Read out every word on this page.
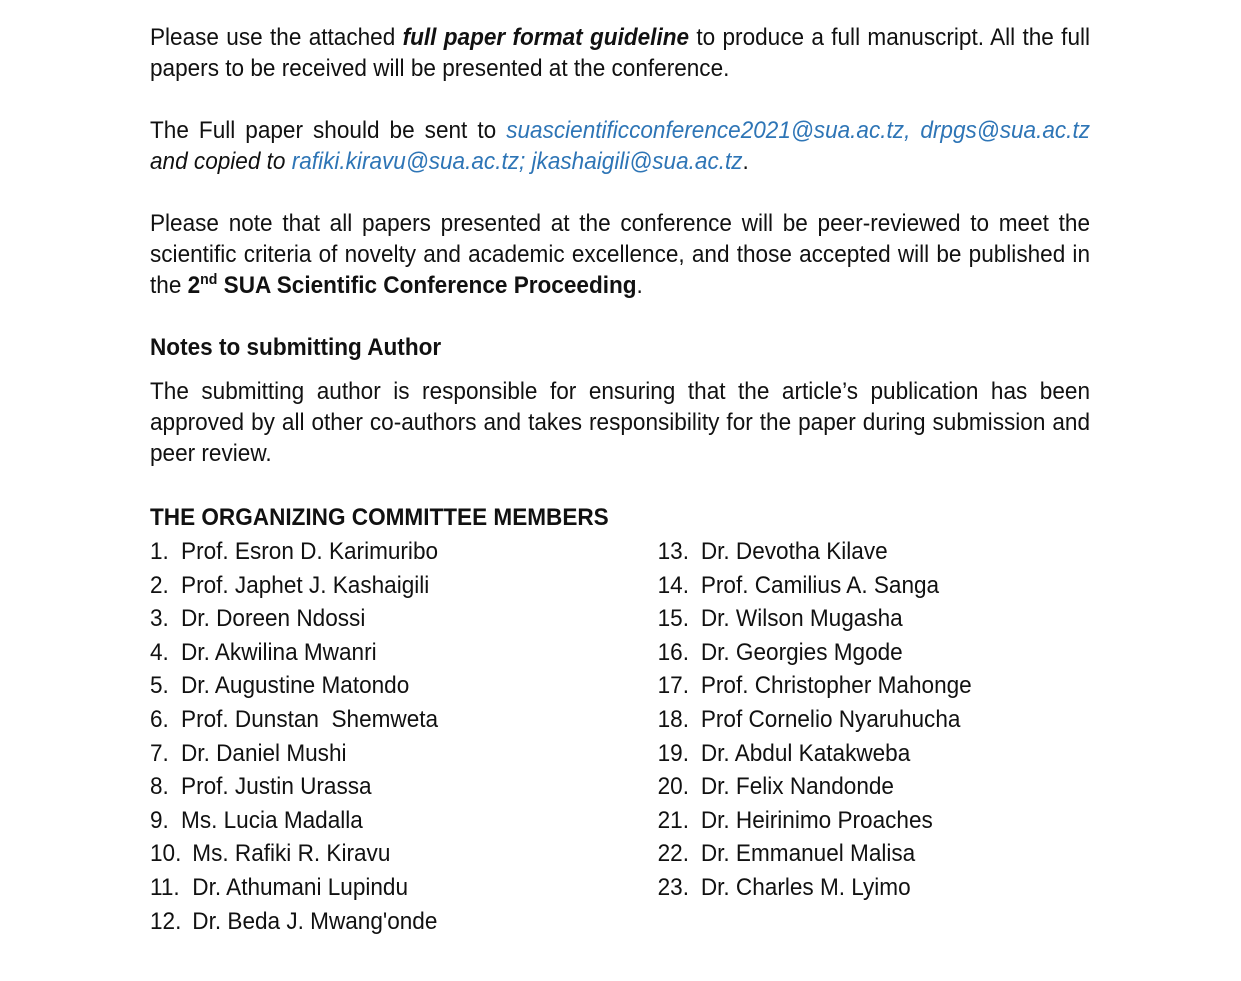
Please use the attached full paper format guideline to produce a full manuscript. All the full papers to be received will be presented at the conference.

The Full paper should be sent to suascientificconference2021@sua.ac.tz, drpgs@sua.ac.tz and copied to rafiki.kiravu@sua.ac.tz; jkashaigili@sua.ac.tz.

Please note that all papers presented at the conference will be peer-reviewed to meet the scientific criteria of novelty and academic excellence, and those accepted will be published in the 2nd SUA Scientific Conference Proceeding.

Notes to submitting Author

The submitting author is responsible for ensuring that the article’s publication has been approved by all other co-authors and takes responsibility for the paper during submission and peer review.

THE ORGANIZING COMMITTEE MEMBERS

1. Prof. Esron D. Karimuribo
2. Prof. Japhet J. Kashaigili
3. Dr. Doreen Ndossi
4. Dr. Akwilina Mwanri
5. Dr. Augustine Matondo
6. Prof. Dunstan  Shemweta
7. Dr. Daniel Mushi
8. Prof. Justin Urassa
9. Ms. Lucia Madalla
10. Ms. Rafiki R. Kiravu
11. Dr. Athumani Lupindu
12. Dr. Beda J. Mwang'onde
13. Dr. Devotha Kilave
14. Prof. Camilius A. Sanga
15. Dr. Wilson Mugasha
16. Dr. Georgies Mgode
17. Prof. Christopher Mahonge
18. Prof Cornelio Nyaruhucha
19. Dr. Abdul Katakweba
20. Dr. Felix Nandonde
21. Dr. Heirinimo Proaches
22. Dr. Emmanuel Malisa
23. Dr. Charles M. Lyimo
